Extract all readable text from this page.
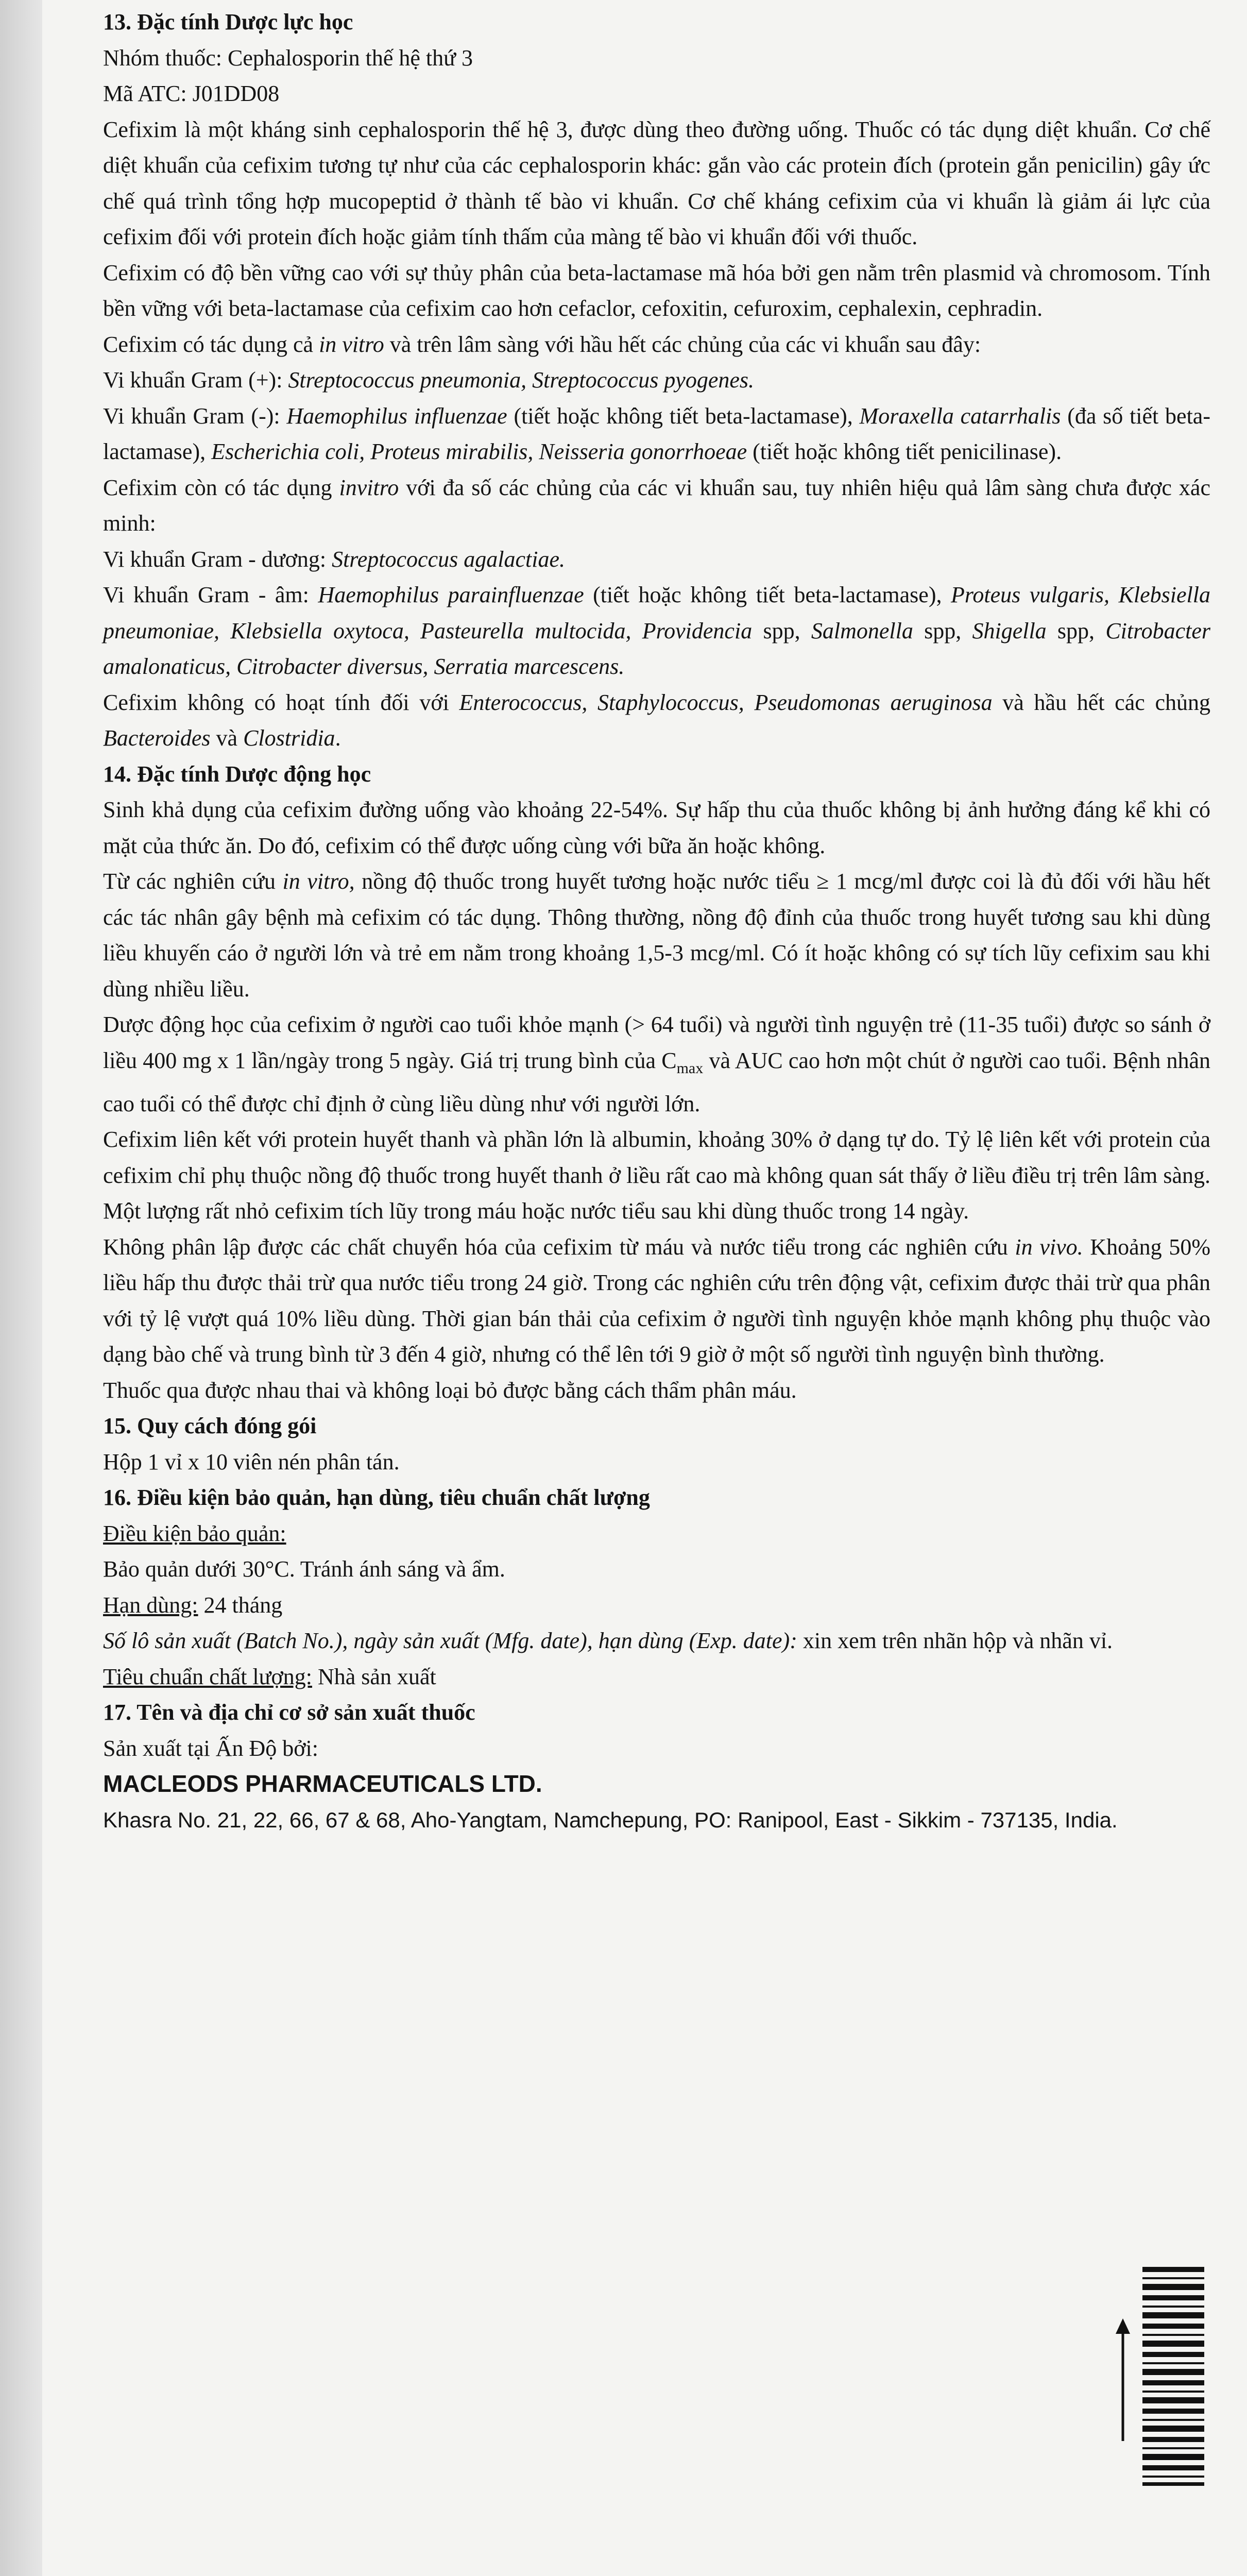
13. Đặc tính Dược lực học

Nhóm thuốc: Cephalosporin thế hệ thứ 3

Mã ATC: J01DD08

Cefixim là một kháng sinh cephalosporin thế hệ 3, được dùng theo đường uống. Thuốc có tác dụng diệt khuẩn. Cơ chế diệt khuẩn của cefixim tương tự như của các cephalosporin khác: gắn vào các protein đích (protein gắn penicilin) gây ức chế quá trình tổng hợp mucopeptid ở thành tế bào vi khuẩn. Cơ chế kháng cefixim của vi khuẩn là giảm ái lực của cefixim đối với protein đích hoặc giảm tính thấm của màng tế bào vi khuẩn đối với thuốc.

Cefixim có độ bền vững cao với sự thủy phân của beta-lactamase mã hóa bởi gen nằm trên plasmid và chromosom. Tính bền vững với beta-lactamase của cefixim cao hơn cefaclor, cefoxitin, cefuroxim, cephalexin, cephradin.

Cefixim có tác dụng cả in vitro và trên lâm sàng với hầu hết các chủng của các vi khuẩn sau đây:

Vi khuẩn Gram (+): Streptococcus pneumonia, Streptococcus pyogenes.

Vi khuẩn Gram (-): Haemophilus influenzae (tiết hoặc không tiết beta-lactamase), Moraxella catarrhalis (đa số tiết beta-lactamase), Escherichia coli, Proteus mirabilis, Neisseria gonorrhoeae (tiết hoặc không tiết penicilinase).

Cefixim còn có tác dụng invitro với đa số các chủng của các vi khuẩn sau, tuy nhiên hiệu quả lâm sàng chưa được xác minh:

Vi khuẩn Gram - dương: Streptococcus agalactiae.

Vi khuẩn Gram - âm: Haemophilus parainfluenzae (tiết hoặc không tiết beta-lactamase), Proteus vulgaris, Klebsiella pneumoniae, Klebsiella oxytoca, Pasteurella multocida, Providencia spp, Salmonella spp, Shigella spp, Citrobacter amalonaticus, Citrobacter diversus, Serratia marcescens.

Cefixim không có hoạt tính đối với Enterococcus, Staphylococcus, Pseudomonas aeruginosa và hầu hết các chủng Bacteroides và Clostridia.

14. Đặc tính Dược động học

Sinh khả dụng của cefixim đường uống vào khoảng 22-54%. Sự hấp thu của thuốc không bị ảnh hưởng đáng kể khi có mặt của thức ăn. Do đó, cefixim có thể được uống cùng với bữa ăn hoặc không.

Từ các nghiên cứu in vitro, nồng độ thuốc trong huyết tương hoặc nước tiểu ≥ 1 mcg/ml được coi là đủ đối với hầu hết các tác nhân gây bệnh mà cefixim có tác dụng. Thông thường, nồng độ đỉnh của thuốc trong huyết tương sau khi dùng liều khuyến cáo ở người lớn và trẻ em nằm trong khoảng 1,5-3 mcg/ml. Có ít hoặc không có sự tích lũy cefixim sau khi dùng nhiều liều.

Dược động học của cefixim ở người cao tuổi khỏe mạnh (> 64 tuổi) và người tình nguyện trẻ (11-35 tuổi) được so sánh ở liều 400 mg x 1 lần/ngày trong 5 ngày. Giá trị trung bình của $C_{max}$ và AUC cao hơn một chút ở người cao tuổi. Bệnh nhân cao tuổi có thể được chỉ định ở cùng liều dùng như với người lớn.

Cefixim liên kết với protein huyết thanh và phần lớn là albumin, khoảng 30% ở dạng tự do. Tỷ lệ liên kết với protein của cefixim chỉ phụ thuộc nồng độ thuốc trong huyết thanh ở liều rất cao mà không quan sát thấy ở liều điều trị trên lâm sàng. Một lượng rất nhỏ cefixim tích lũy trong máu hoặc nước tiểu sau khi dùng thuốc trong 14 ngày.

Không phân lập được các chất chuyển hóa của cefixim từ máu và nước tiểu trong các nghiên cứu in vivo. Khoảng 50% liều hấp thu được thải trừ qua nước tiểu trong 24 giờ. Trong các nghiên cứu trên động vật, cefixim được thải trừ qua phân với tỷ lệ vượt quá 10% liều dùng. Thời gian bán thải của cefixim ở người tình nguyện khỏe mạnh không phụ thuộc vào dạng bào chế và trung bình từ 3 đến 4 giờ, nhưng có thể lên tới 9 giờ ở một số người tình nguyện bình thường.

Thuốc qua được nhau thai và không loại bỏ được bằng cách thẩm phân máu.

15. Quy cách đóng gói

Hộp 1 vỉ x 10 viên nén phân tán.

16. Điều kiện bảo quản, hạn dùng, tiêu chuẩn chất lượng

Điều kiện bảo quản:

Bảo quản dưới 30°C. Tránh ánh sáng và ẩm.

Hạn dùng: 24 tháng

Số lô sản xuất (Batch No.), ngày sản xuất (Mfg. date), hạn dùng (Exp. date): xin xem trên nhãn hộp và nhãn vỉ.

Tiêu chuẩn chất lượng: Nhà sản xuất

17. Tên và địa chỉ cơ sở sản xuất thuốc

Sản xuất tại Ấn Độ bởi:

MACLEODS PHARMACEUTICALS LTD.

Khasra No. 21, 22, 66, 67 & 68, Aho-Yangtam, Namchepung, PO: Ranipool, East - Sikkim - 737135, India.
